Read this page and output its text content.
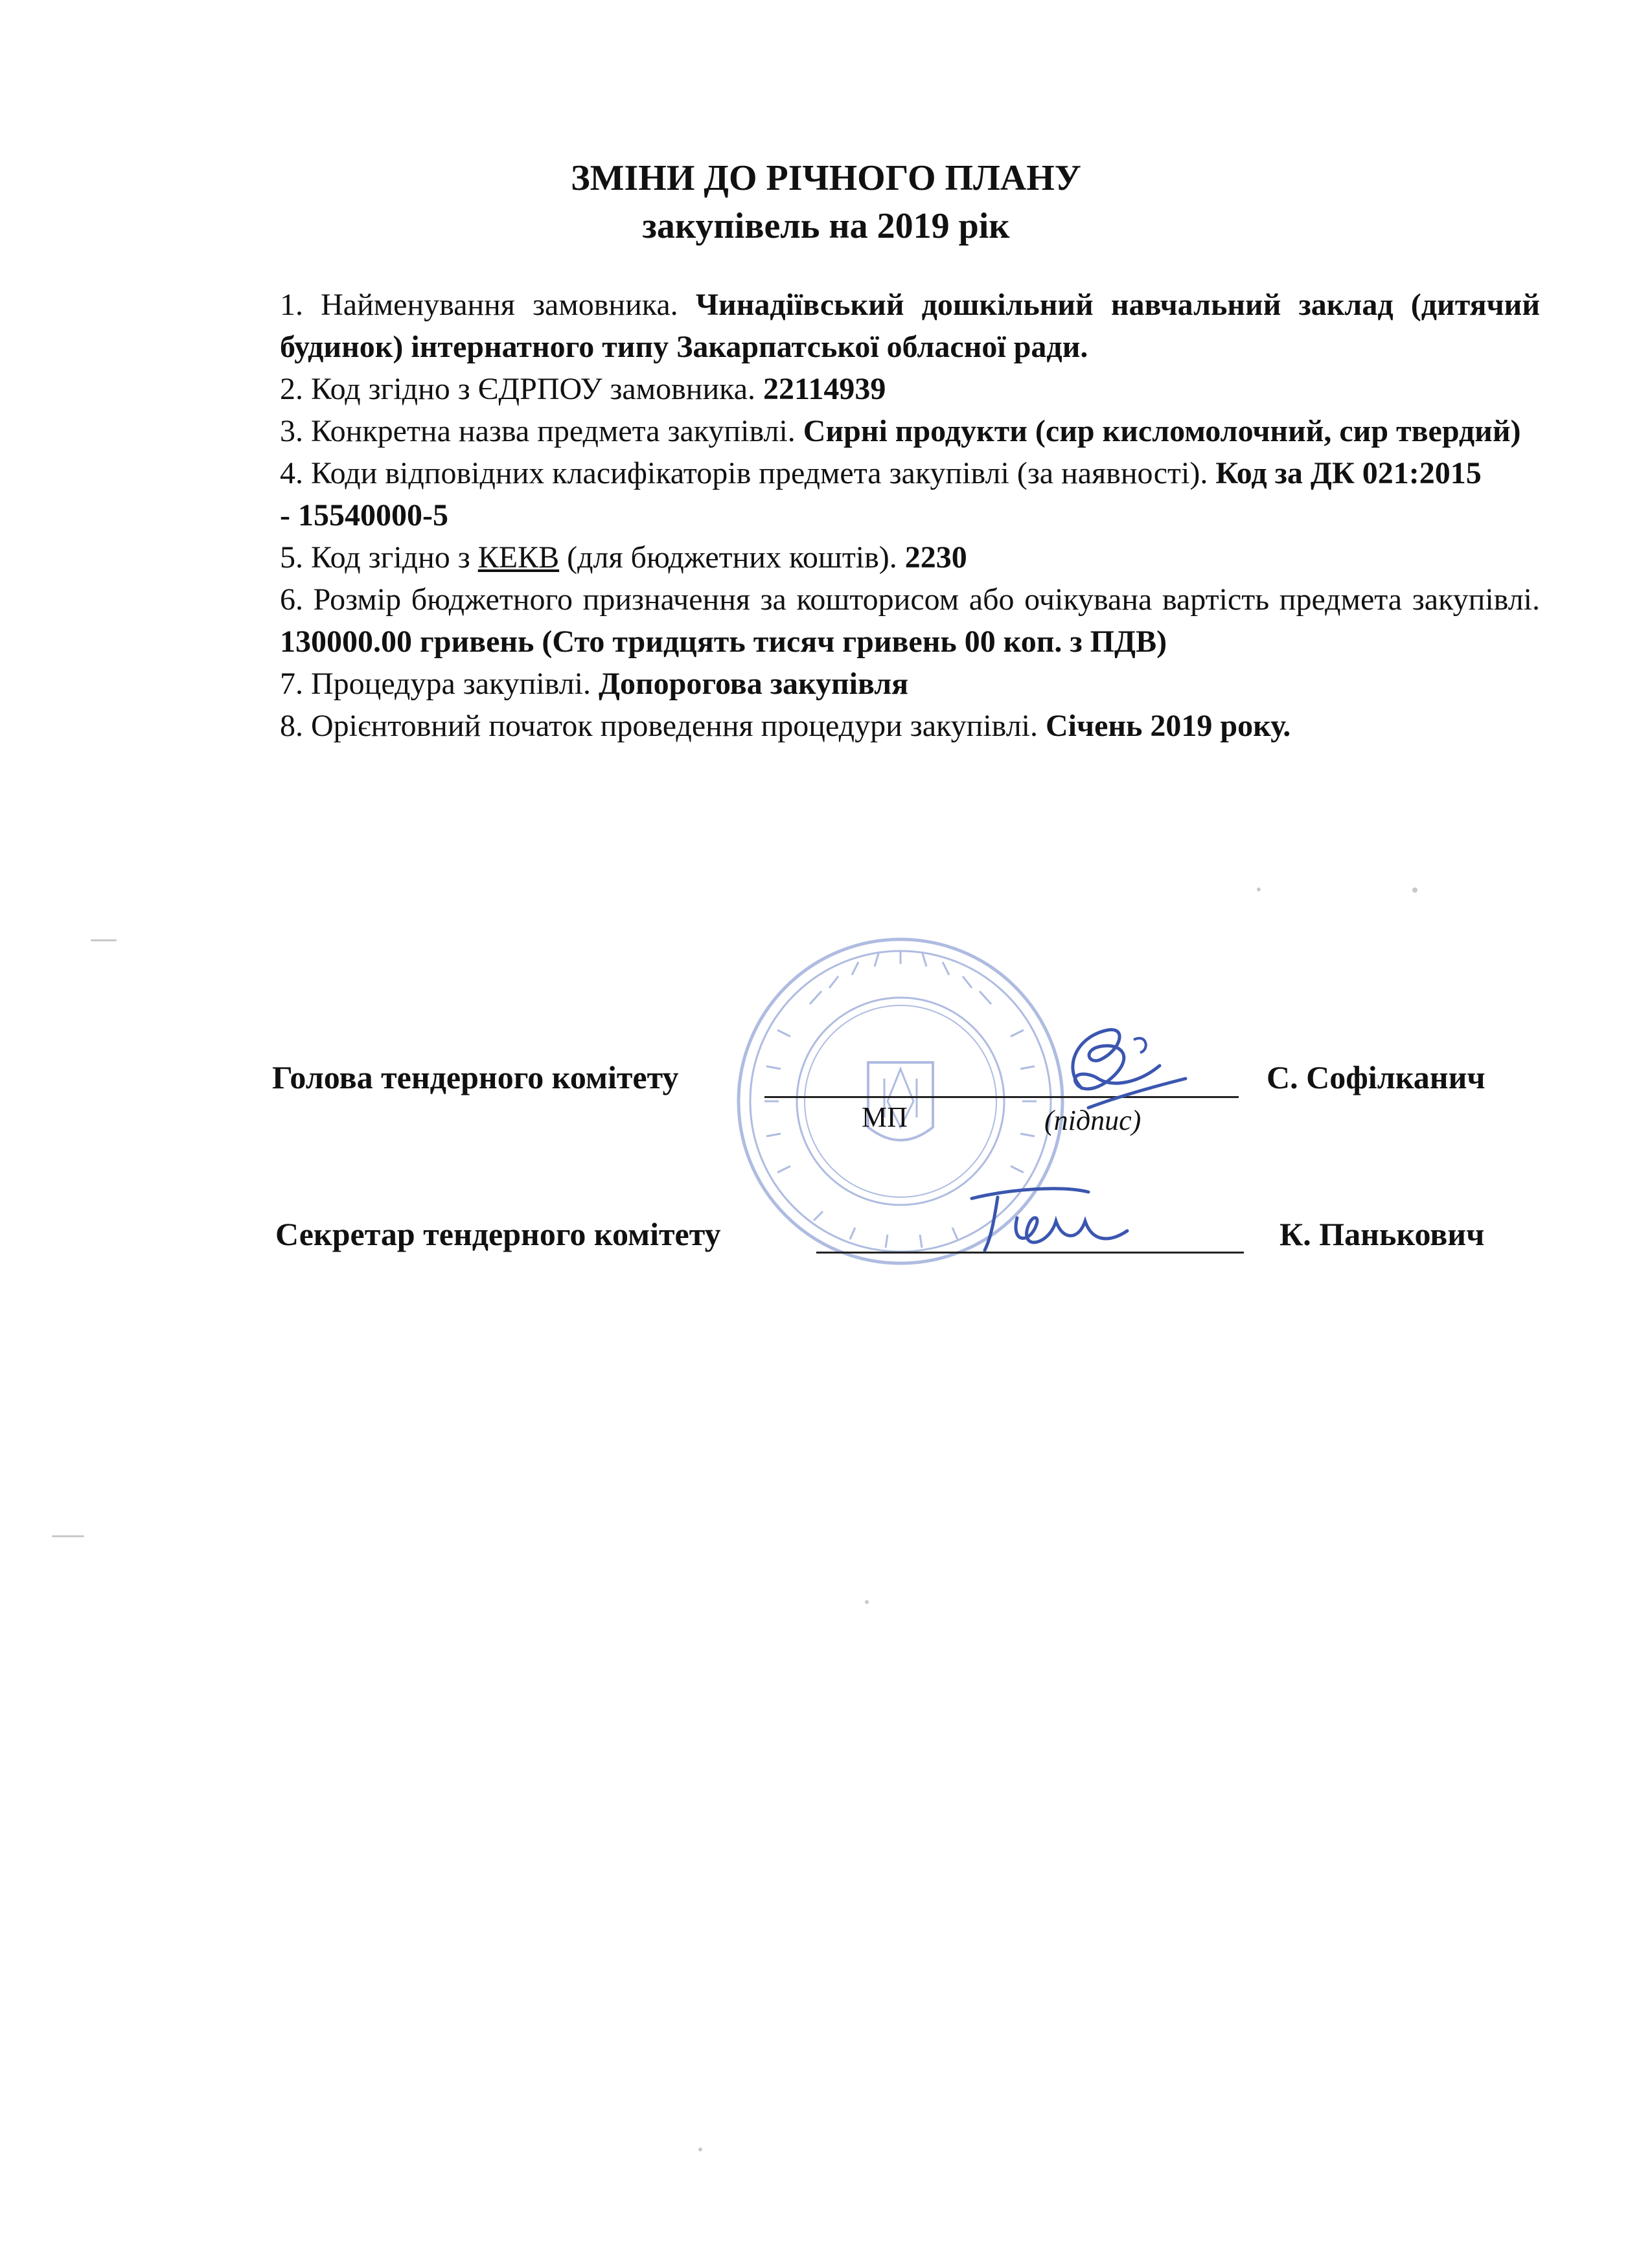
ЗМІНИ ДО РІЧНОГО ПЛАНУ
закупівель на 2019 рік

1. Найменування замовника. Чинадіївський дошкільний навчальний заклад (дитячий будинок) інтернатного типу Закарпатської обласної ради.

2. Код згідно з ЄДРПОУ замовника. 22114939

3. Конкретна назва предмета закупівлі. Сирні продукти (сир кисломолочний, сир твердий)

4. Коди відповідних класифікаторів предмета закупівлі (за наявності). Код за ДК 021:2015 - 15540000-5

5. Код згідно з КЕКВ (для бюджетних коштів). 2230

6. Розмір бюджетного призначення за кошторисом або очікувана вартість предмета закупівлі. 130000.00 гривень (Сто тридцять тисяч гривень 00 коп. з ПДВ)

7. Процедура закупівлі. Допорогова закупівля

8. Орієнтовний початок проведення процедури закупівлі. Січень 2019 року.

Голова тендерного комітету	С. Софілканич
МП	(підпис)
Секретар тендерного комітету	К. Панькович
